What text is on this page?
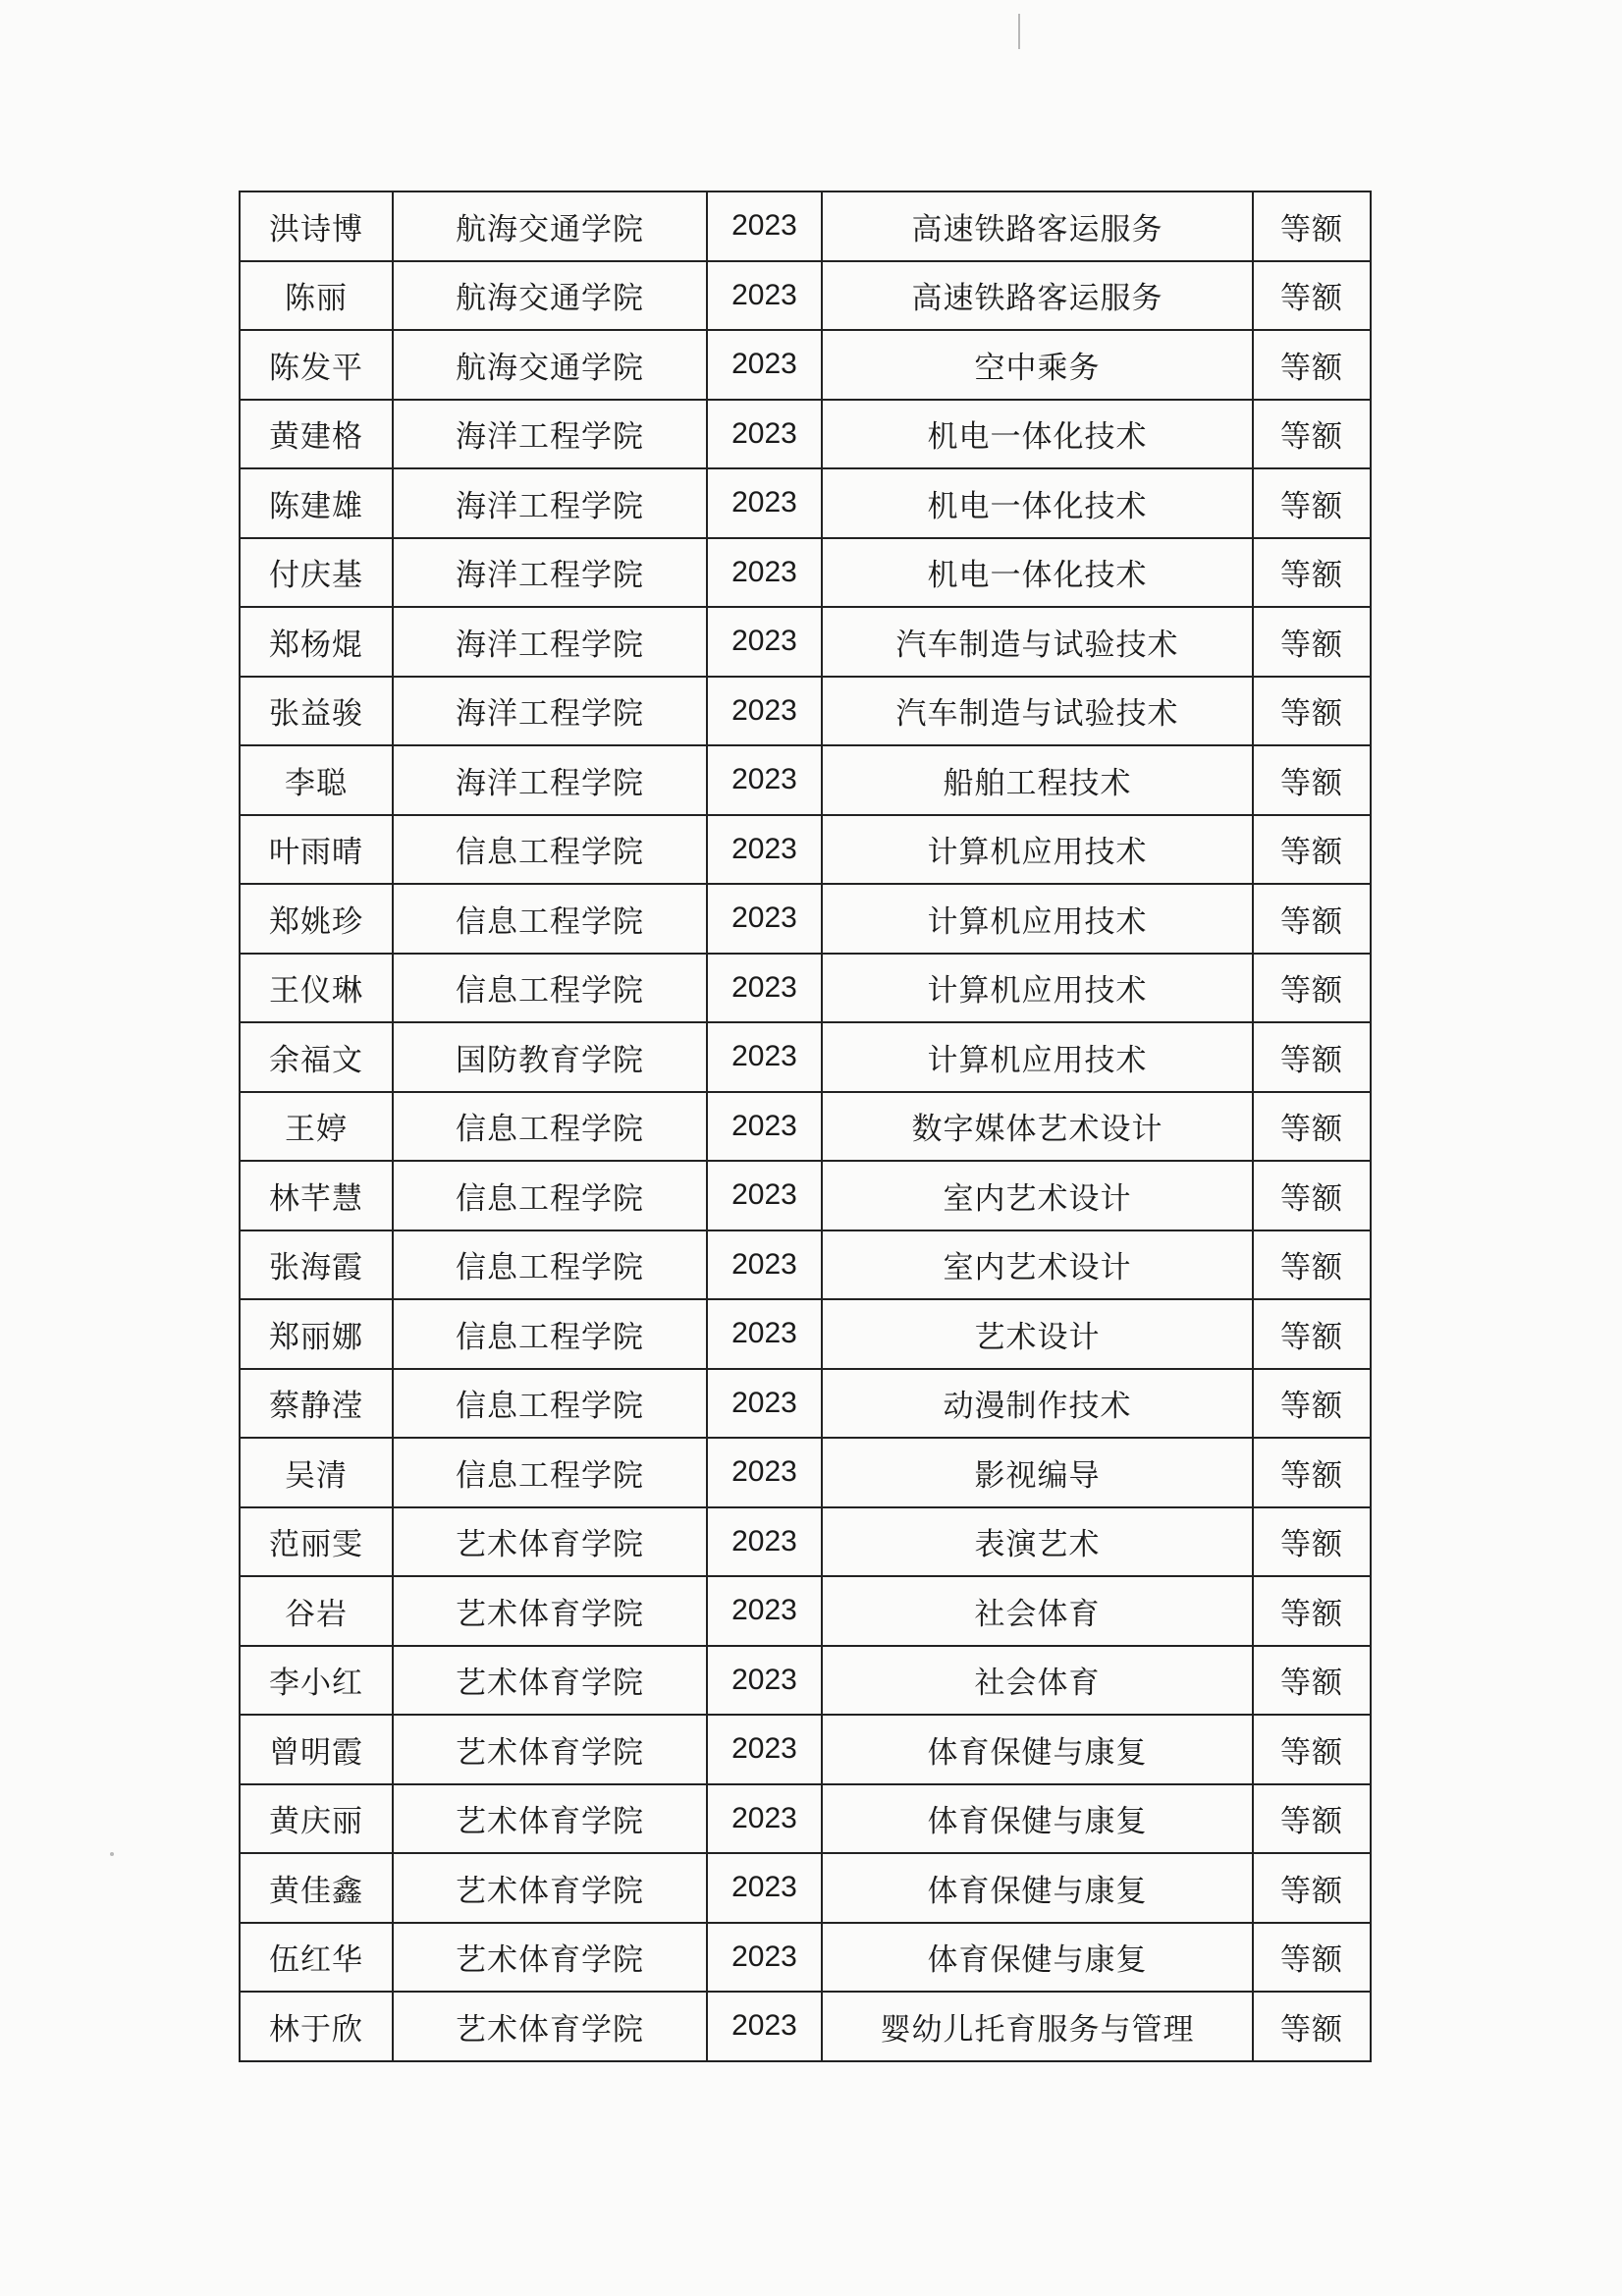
洪诗博	航海交通学院	2023	高速铁路客运服务	等额
陈丽	航海交通学院	2023	高速铁路客运服务	等额
陈发平	航海交通学院	2023	空中乘务	等额
黄建格	海洋工程学院	2023	机电一体化技术	等额
陈建雄	海洋工程学院	2023	机电一体化技术	等额
付庆基	海洋工程学院	2023	机电一体化技术	等额
郑杨焜	海洋工程学院	2023	汽车制造与试验技术	等额
张益骏	海洋工程学院	2023	汽车制造与试验技术	等额
李聪	海洋工程学院	2023	船舶工程技术	等额
叶雨晴	信息工程学院	2023	计算机应用技术	等额
郑姚珍	信息工程学院	2023	计算机应用技术	等额
王仪琳	信息工程学院	2023	计算机应用技术	等额
余福文	国防教育学院	2023	计算机应用技术	等额
王婷	信息工程学院	2023	数字媒体艺术设计	等额
林芊慧	信息工程学院	2023	室内艺术设计	等额
张海霞	信息工程学院	2023	室内艺术设计	等额
郑丽娜	信息工程学院	2023	艺术设计	等额
蔡静滢	信息工程学院	2023	动漫制作技术	等额
吴清	信息工程学院	2023	影视编导	等额
范丽雯	艺术体育学院	2023	表演艺术	等额
谷岩	艺术体育学院	2023	社会体育	等额
李小红	艺术体育学院	2023	社会体育	等额
曾明霞	艺术体育学院	2023	体育保健与康复	等额
黄庆丽	艺术体育学院	2023	体育保健与康复	等额
黄佳鑫	艺术体育学院	2023	体育保健与康复	等额
伍红华	艺术体育学院	2023	体育保健与康复	等额
林于欣	艺术体育学院	2023	婴幼儿托育服务与管理	等额
